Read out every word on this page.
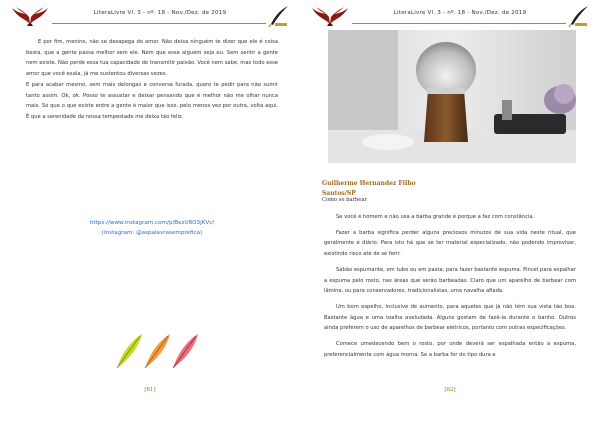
LiteraLivre Vl. 3 - nº. 18 - Nov./Dez. de 2019

E por fim, menino, não se desapega do amor. Não deixa ninguém te dizer que ele é coisa besta, que a gente passa melhor sem ele. Nem que esse alguém seja eu. Sem sentir a gente nem existe. Não perde essa tua capacidade de transmitir paixão. Você nem sabe, mas todo esse amor que você exala, já me sustentou diversas vezes.

E para acabar mesmo, sem mais delongas e conversa furada, quero te pedir para não sumir tanto assim. Ok, ok. Posso te assustar e deixar pensando que é melhor não me olhar nunca mais. Só que o que existe entre a gente é maior que isso, pelo menos vez por outra, volta aqui. É que a serenidade da nossa tempestade me deixa tão feliz.

https://www.instagram.com/p/BezU8O3jKVc/
(Instagram: @aspalavrasemprefica)
[81]
LiteraLivre Vl. 3 - nº. 18 - Nov./Dez. de 2019
Guilherme Hernandez Filho
Santos/SP
Como se barbear

Se você é homem e não usa a barba grande é porque a faz com constância.

Fazer a barba significa perder alguns preciosos minutos de sua vida neste ritual, que geralmente é diário. Para isto há que se ter material especializado, não podendo improvisar, existindo risco até de se ferir.

Sabão espumante, em tubo ou em pasta, para fazer bastante espuma. Pincel para espalhar a espuma pelo rosto, nas áreas que serão barbeadas. Claro que um aparelho de barbear com lâmina, ou para conservadores, tradicionalistas, uma navalha afiada.

Um bom espelho, inclusive de aumento, para aqueles que já não têm sua vista tão boa. Bastante água e uma toalha aveludada. Alguns gostam de fazê-la durante o banho. Outros ainda preferem o uso de aparelhos de barbear elétricos, portanto com outras especificações.

Comece umedecendo bem o rosto, por onde deverá ser espalhada então a espuma, preferencialmente com água morna. Se a barba for do tipo dura e

[82]
